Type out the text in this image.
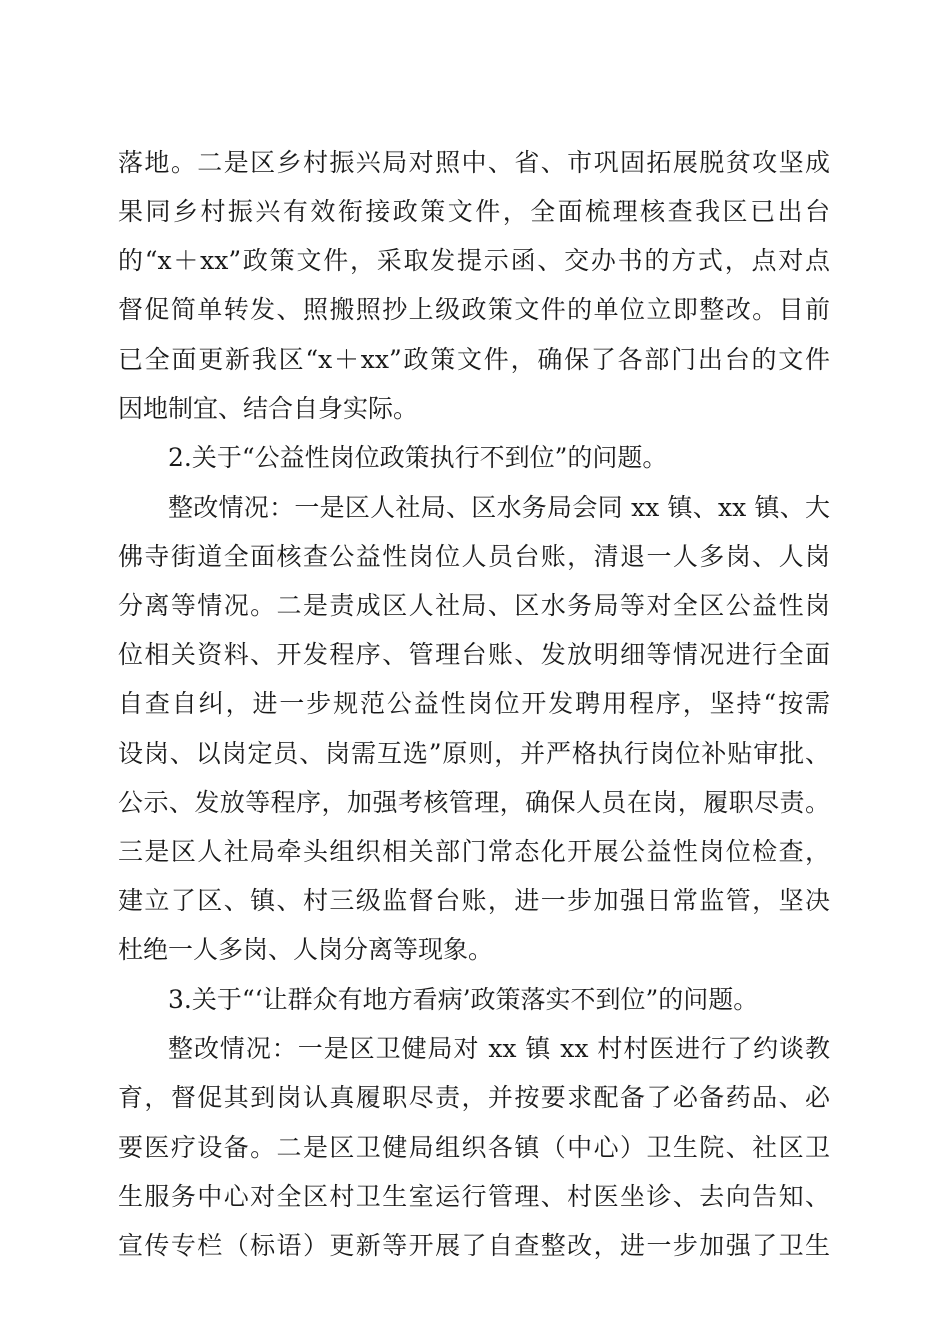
落地。二是区乡村振兴局对照中、省、市巩固拓展脱贫攻坚成
果同乡村振兴有效衔接政策文件，全面梳理核查我区已出台
的“x＋xx”政策文件，采取发提示函、交办书的方式，点对点
督促简单转发、照搬照抄上级政策文件的单位立即整改。目前
已全面更新我区“x＋xx”政策文件，确保了各部门出台的文件
因地制宜、结合自身实际。
2.关于“公益性岗位政策执行不到位”的问题。
整改情况：一是区人社局、区水务局会同 xx 镇、xx 镇、大
佛寺街道全面核查公益性岗位人员台账，清退一人多岗、人岗
分离等情况。二是责成区人社局、区水务局等对全区公益性岗
位相关资料、开发程序、管理台账、发放明细等情况进行全面
自查自纠，进一步规范公益性岗位开发聘用程序，坚持“按需
设岗、以岗定员、岗需互选”原则，并严格执行岗位补贴审批、
公示、发放等程序，加强考核管理，确保人员在岗，履职尽责。
三是区人社局牵头组织相关部门常态化开展公益性岗位检查，
建立了区、镇、村三级监督台账，进一步加强日常监管，坚决
杜绝一人多岗、人岗分离等现象。
3.关于“‘让群众有地方看病’政策落实不到位”的问题。
整改情况：一是区卫健局对 xx 镇 xx 村村医进行了约谈教
育，督促其到岗认真履职尽责，并按要求配备了必备药品、必
要医疗设备。二是区卫健局组织各镇（中心）卫生院、社区卫
生服务中心对全区村卫生室运行管理、村医坐诊、去向告知、
宣传专栏（标语）更新等开展了自查整改，进一步加强了卫生
